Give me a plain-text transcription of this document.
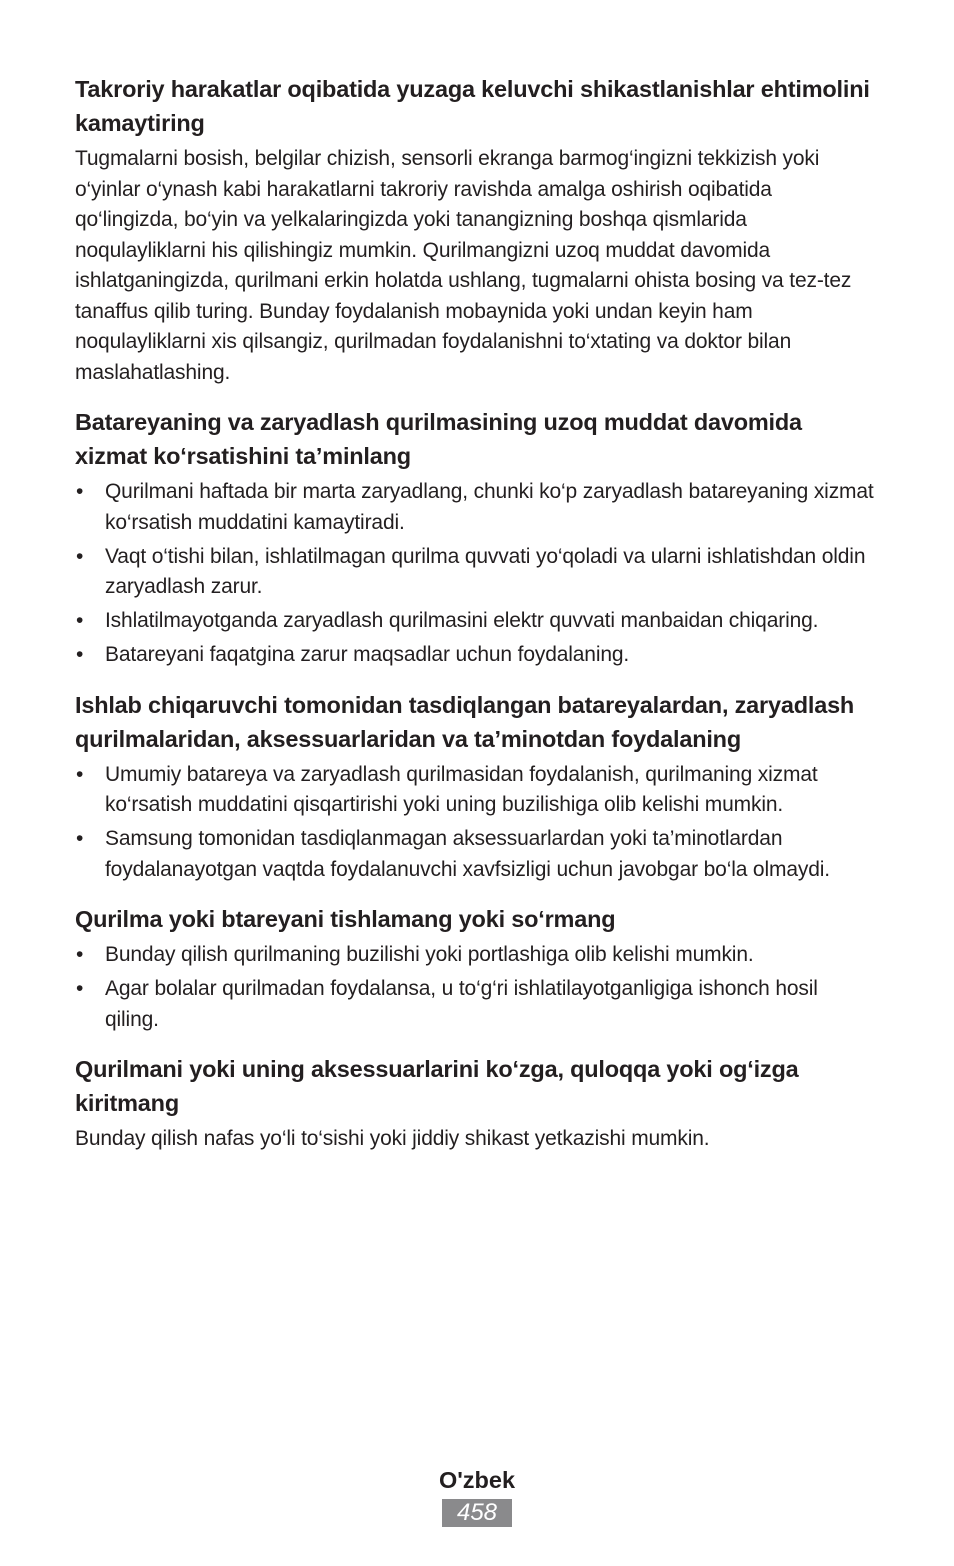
Takroriy harakatlar oqibatida yuzaga keluvchi shikastlanishlar ehtimolini kamaytiring

Tugmalarni bosish, belgilar chizish, sensorli ekranga barmog‘ingizni tekkizish yoki o‘yinlar o‘ynash kabi harakatlarni takroriy ravishda amalga oshirish oqibatida qo‘lingizda, bo‘yin va yelkalaringizda yoki tanangizning boshqa qismlarida noqulayliklarni his qilishingiz mumkin. Qurilmangizni uzoq muddat davomida ishlatganingizda, qurilmani erkin holatda ushlang, tugmalarni ohista bosing va tez-tez tanaffus qilib turing. Bunday foydalanish mobaynida yoki undan keyin ham noqulayliklarni xis qilsangiz, qurilmadan foydalanishni to‘xtating va doktor bilan maslahatlashing.

Batareyaning va zaryadlash qurilmasining uzoq muddat davomida xizmat ko‘rsatishini ta’minlang
• Qurilmani haftada bir marta zaryadlang, chunki ko‘p zaryadlash batareyaning xizmat ko‘rsatish muddatini kamaytiradi.
• Vaqt o‘tishi bilan, ishlatilmagan qurilma quvvati yo‘qoladi va ularni ishlatishdan oldin zaryadlash zarur.
• Ishlatilmayotganda zaryadlash qurilmasini elektr quvvati manbaidan chiqaring.
• Batareyani faqatgina zarur maqsadlar uchun foydalaning.
Ishlab chiqaruvchi tomonidan tasdiqlangan batareyalardan, zaryadlash qurilmalaridan, aksessuarlaridan va ta’minotdan foydalaning
• Umumiy batareya va zaryadlash qurilmasidan foydalanish, qurilmaning xizmat ko‘rsatish muddatini qisqartirishi yoki uning buzilishiga olib kelishi mumkin.
• Samsung tomonidan tasdiqlanmagan aksessuarlardan yoki ta’minotlardan foydalanayotgan vaqtda foydalanuvchi xavfsizligi uchun javobgar bo‘la olmaydi.
Qurilma yoki btareyani tishlamang yoki so‘rmang
• Bunday qilish qurilmaning buzilishi yoki portlashiga olib kelishi mumkin.
• Agar bolalar qurilmadan foydalansa, u to‘g‘ri ishlatilayotganligiga ishonch hosil qiling.
Qurilmani yoki uning aksessuarlarini ko‘zga, quloqqa yoki og‘izga kiritmang

Bunday qilish nafas yo‘li to‘sishi yoki jiddiy shikast yetkazishi mumkin.

O'zbek
458
